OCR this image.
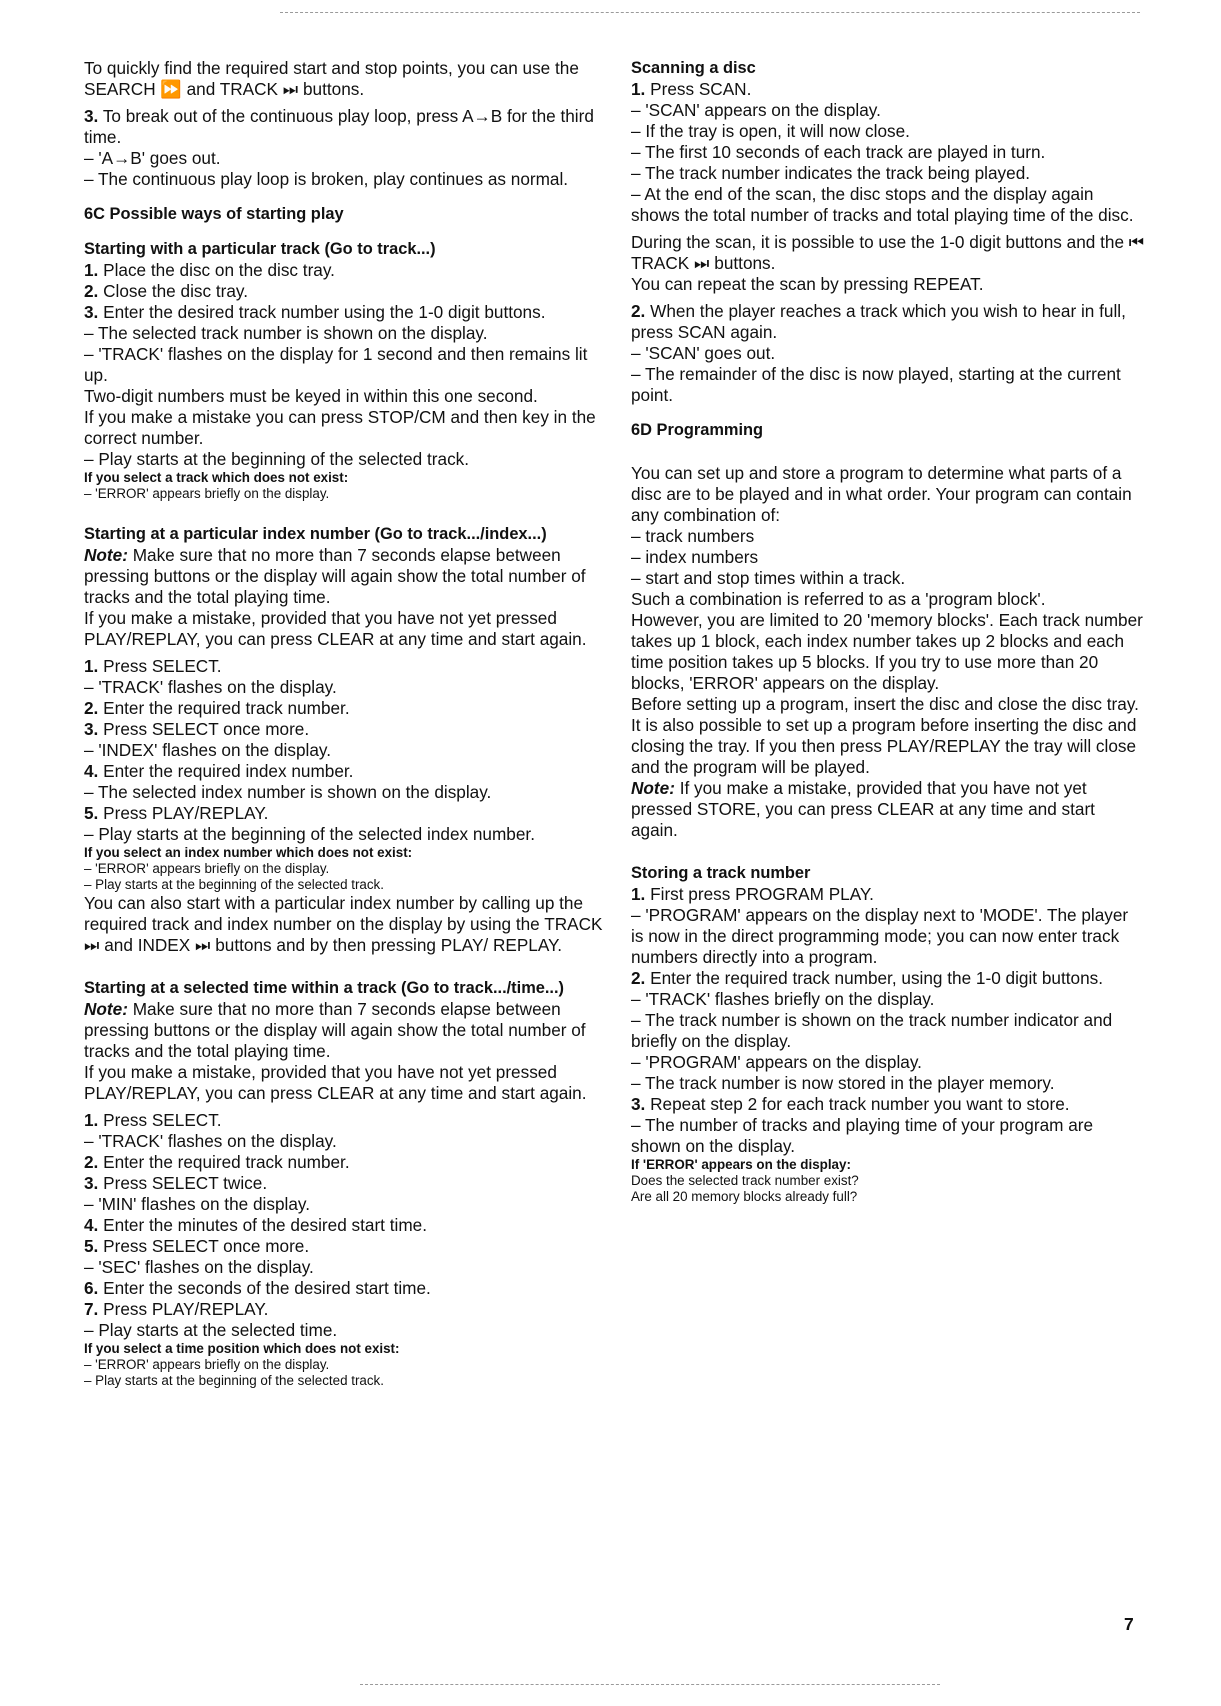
To quickly find the required start and stop points, you can use the SEARCH ⏩ and TRACK ⏭ buttons.

3. To break out of the continuous play loop, press A→B for the third time.

– 'A→B' goes out.

– The continuous play loop is broken, play continues as normal.

6C Possible ways of starting play
Starting with a particular track (Go to track...)

1. Place the disc on the disc tray.

2. Close the disc tray.

3. Enter the desired track number using the 1-0 digit buttons.

– The selected track number is shown on the display.

– 'TRACK' flashes on the display for 1 second and then remains lit up.

Two-digit numbers must be keyed in within this one second.

If you make a mistake you can press STOP/CM and then key in the correct number.

– Play starts at the beginning of the selected track.

If you select a track which does not exist:

– 'ERROR' appears briefly on the display.

Starting at a particular index number (Go to track.../index...)

Note: Make sure that no more than 7 seconds elapse between pressing buttons or the display will again show the total number of tracks and the total playing time.

If you make a mistake, provided that you have not yet pressed PLAY/REPLAY, you can press CLEAR at any time and start again.

1. Press SELECT.

– 'TRACK' flashes on the display.

2. Enter the required track number.

3. Press SELECT once more.

– 'INDEX' flashes on the display.

4. Enter the required index number.

– The selected index number is shown on the display.

5. Press PLAY/REPLAY.

– Play starts at the beginning of the selected index number.

If you select an index number which does not exist:

– 'ERROR' appears briefly on the display.

– Play starts at the beginning of the selected track.

You can also start with a particular index number by calling up the required track and index number on the display by using the TRACK ⏭ and INDEX ⏭ buttons and by then pressing PLAY/ REPLAY.

Starting at a selected time within a track (Go to track.../time...)

Note: Make sure that no more than 7 seconds elapse between pressing buttons or the display will again show the total number of tracks and the total playing time.

If you make a mistake, provided that you have not yet pressed PLAY/REPLAY, you can press CLEAR at any time and start again.

1. Press SELECT.

– 'TRACK' flashes on the display.

2. Enter the required track number.

3. Press SELECT twice.

– 'MIN' flashes on the display.

4. Enter the minutes of the desired start time.

5. Press SELECT once more.

– 'SEC' flashes on the display.

6. Enter the seconds of the desired start time.

7. Press PLAY/REPLAY.

– Play starts at the selected time.

If you select a time position which does not exist:

– 'ERROR' appears briefly on the display.

– Play starts at the beginning of the selected track.

Scanning a disc

1. Press SCAN.

– 'SCAN' appears on the display.

– If the tray is open, it will now close.

– The first 10 seconds of each track are played in turn.

– The track number indicates the track being played.

– At the end of the scan, the disc stops and the display again shows the total number of tracks and total playing time of the disc.

During the scan, it is possible to use the 1-0 digit buttons and the ⏮ TRACK ⏭ buttons.

You can repeat the scan by pressing REPEAT.

2. When the player reaches a track which you wish to hear in full, press SCAN again.

– 'SCAN' goes out.

– The remainder of the disc is now played, starting at the current point.

6D Programming

You can set up and store a program to determine what parts of a disc are to be played and in what order. Your program can contain any combination of:

– track numbers

– index numbers

– start and stop times within a track.

Such a combination is referred to as a 'program block'.

However, you are limited to 20 'memory blocks'. Each track number takes up 1 block, each index number takes up 2 blocks and each time position takes up 5 blocks. If you try to use more than 20 blocks, 'ERROR' appears on the display.

Before setting up a program, insert the disc and close the disc tray. It is also possible to set up a program before inserting the disc and closing the tray. If you then press PLAY/REPLAY the tray will close and the program will be played.

Note: If you make a mistake, provided that you have not yet pressed STORE, you can press CLEAR at any time and start again.

Storing a track number

1. First press PROGRAM PLAY.

– 'PROGRAM' appears on the display next to 'MODE'. The player is now in the direct programming mode; you can now enter track numbers directly into a program.

2. Enter the required track number, using the 1-0 digit buttons.

– 'TRACK' flashes briefly on the display.

– The track number is shown on the track number indicator and briefly on the display.

– 'PROGRAM' appears on the display.

– The track number is now stored in the player memory.

3. Repeat step 2 for each track number you want to store.

– The number of tracks and playing time of your program are shown on the display.

If 'ERROR' appears on the display:

Does the selected track number exist?

Are all 20 memory blocks already full?

7
